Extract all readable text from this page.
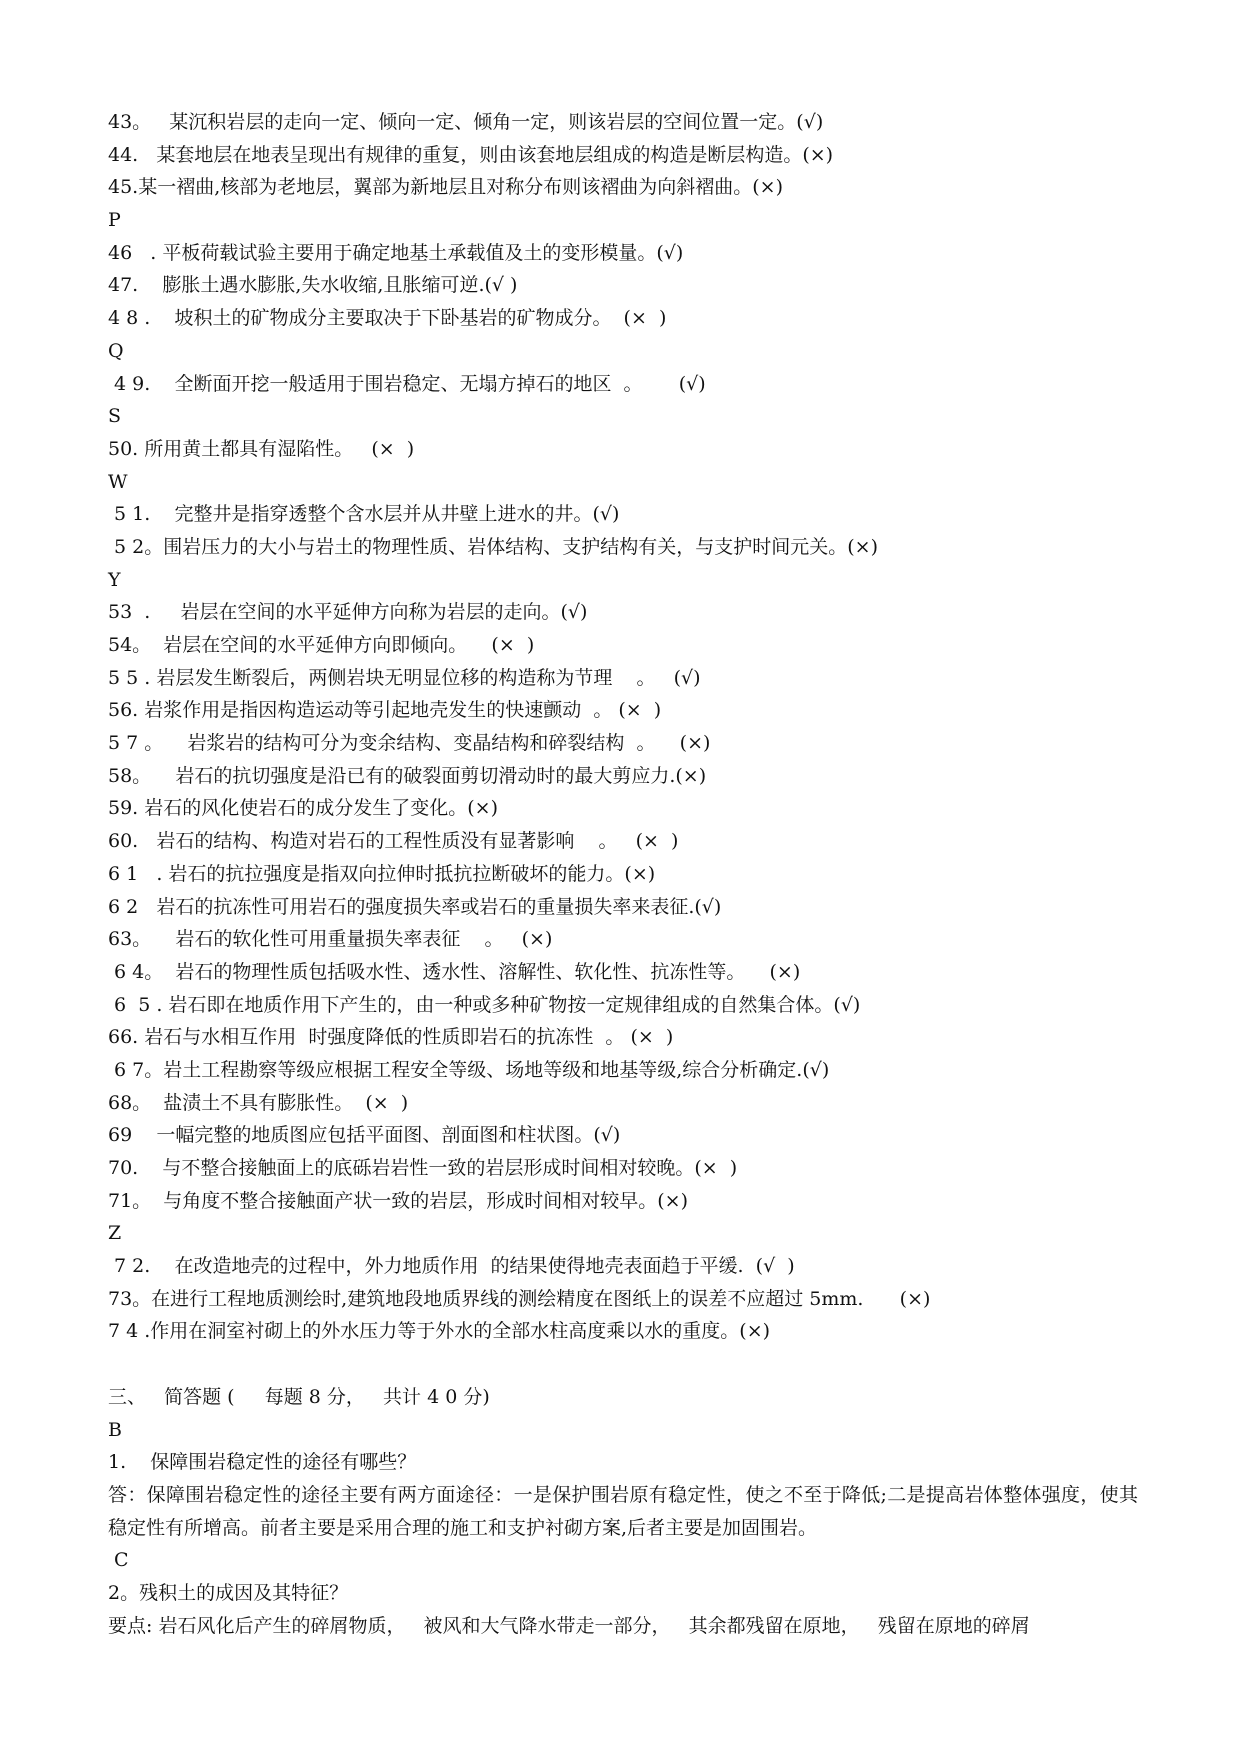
43。   某沉积岩层的走向一定、倾向一定、倾角一定，则该岩层的空间位置一定。(√)
44.   某套地层在地表呈现出有规律的重复，则由该套地层组成的构造是断层构造。(×)
45.某一褶曲,核部为老地层，翼部为新地层且对称分布则该褶曲为向斜褶曲。(×)
P
46   . 平板荷载试验主要用于确定地基土承载值及土的变形模量。(√)
47.    膨胀土遇水膨胀,失水收缩,且胀缩可逆.(√ )
4 8 .    坡积土的矿物成分主要取决于下卧基岩的矿物成分。  (×  )
Q
4 9.    全断面开挖一般适用于围岩稳定、无塌方掉石的地区  。      (√)
S
50. 所用黄土都具有湿陷性。   (×  )
W
5 1.    完整井是指穿透整个含水层并从井壁上进水的井。(√)
5 2。围岩压力的大小与岩土的物理性质、岩体结构、支护结构有关，与支护时间元关。(×)
Y
53  .     岩层在空间的水平延伸方向称为岩层的走向。(√)
54。  岩层在空间的水平延伸方向即倾向。    (×  )
5 5 . 岩层发生断裂后，两侧岩块无明显位移的构造称为节理    。   (√)
56. 岩浆作用是指因构造运动等引起地壳发生的快速颤动  。 (×  )
5 7 。    岩浆岩的结构可分为变余结构、变晶结构和碎裂结构  。    (×)
58。    岩石的抗切强度是沿已有的破裂面剪切滑动时的最大剪应力.(×)
59. 岩石的风化使岩石的成分发生了变化。(×)
60.   岩石的结构、构造对岩石的工程性质没有显著影响    。   (×  )
6 1   . 岩石的抗拉强度是指双向拉伸时抵抗拉断破坏的能力。(×)
6 2   岩石的抗冻性可用岩石的强度损失率或岩石的重量损失率来表征.(√)
63。    岩石的软化性可用重量损失率表征    。   (×)
6 4。  岩石的物理性质包括吸水性、透水性、溶解性、软化性、抗冻性等。    (×)
6  5 . 岩石即在地质作用下产生的，由一种或多种矿物按一定规律组成的自然集合体。(√)
66. 岩石与水相互作用  时强度降低的性质即岩石的抗冻性  。 (×  )
6 7。岩土工程勘察等级应根据工程安全等级、场地等级和地基等级,综合分析确定.(√)
68。  盐渍土不具有膨胀性。  (×  )
69    一幅完整的地质图应包括平面图、剖面图和柱状图。(√)
70.    与不整合接触面上的底砾岩岩性一致的岩层形成时间相对较晚。(×  )
71。  与角度不整合接触面产状一致的岩层，形成时间相对较早。(×)
Z
7 2.    在改造地壳的过程中，外力地质作用  的结果使得地壳表面趋于平缓.  (√  )
73。在进行工程地质测绘时,建筑地段地质界线的测绘精度在图纸上的误差不应超过 5mm.      (×)
7 4 .作用在洞室衬砌上的外水压力等于外水的全部水柱高度乘以水的重度。(×)
三、   简答题 (     每题 8 分，   共计 4 0 分)
B
1.    保障围岩稳定性的途径有哪些？
答：保障围岩稳定性的途径主要有两方面途径：一是保护围岩原有稳定性，使之不至于降低;二是提高岩体整体强度，使其稳定性有所增高。前者主要是采用合理的施工和支护衬砌方案,后者主要是加固围岩。
C
2。残积土的成因及其特征？
要点: 岩石风化后产生的碎屑物质，   被风和大气降水带走一部分，   其余都残留在原地，   残留在原地的碎屑
